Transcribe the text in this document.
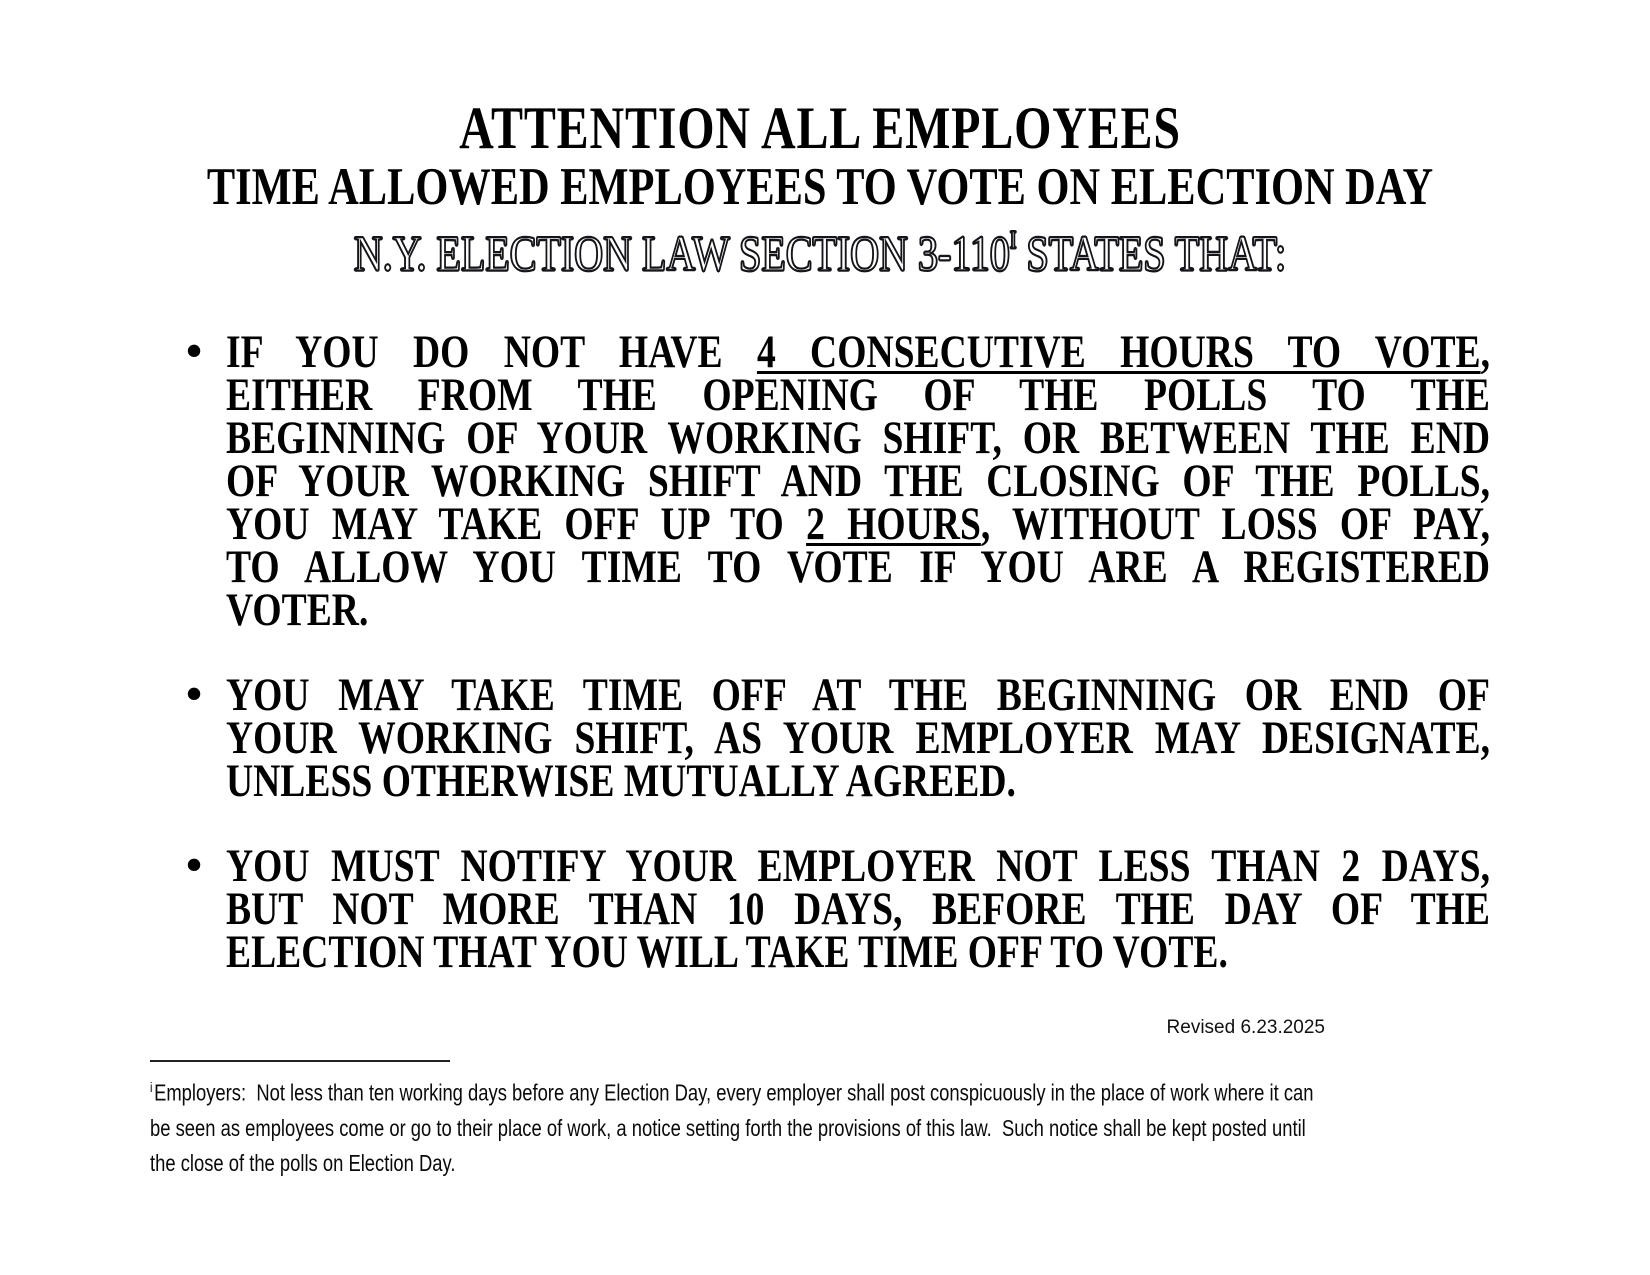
ATTENTION ALL EMPLOYEES
TIME ALLOWED EMPLOYEES TO VOTE ON ELECTION DAY
N.Y. ELECTION LAW SECTION $3-110^I$ STATES THAT:
• IF YOU DO NOT HAVE 4 CONSECUTIVE HOURS TO VOTE,
EITHER FROM THE OPENING OF THE POLLS TO THE
BEGINNING OF YOUR WORKING SHIFT, OR BETWEEN THE END
OF YOUR WORKING SHIFT AND THE CLOSING OF THE POLLS,
YOU MAY TAKE OFF UP TO 2 HOURS, WITHOUT LOSS OF PAY,
TO ALLOW YOU TIME TO VOTE IF YOU ARE A REGISTERED
VOTER.
• YOU MAY TAKE TIME OFF AT THE BEGINNING OR END OF
YOUR WORKING SHIFT, AS YOUR EMPLOYER MAY DESIGNATE,
UNLESS OTHERWISE MUTUALLY AGREED.
• YOU MUST NOTIFY YOUR EMPLOYER NOT LESS THAN 2 DAYS,
BUT NOT MORE THAN 10 DAYS, BEFORE THE DAY OF THE
ELECTION THAT YOU WILL TAKE TIME OFF TO VOTE.
Revised 6.23.2025
$^i$Employers:  Not less than ten working days before any Election Day, every employer shall post conspicuously in the place of work where it can
be seen as employees come or go to their place of work, a notice setting forth the provisions of this law.  Such notice shall be kept posted until
the close of the polls on Election Day.
